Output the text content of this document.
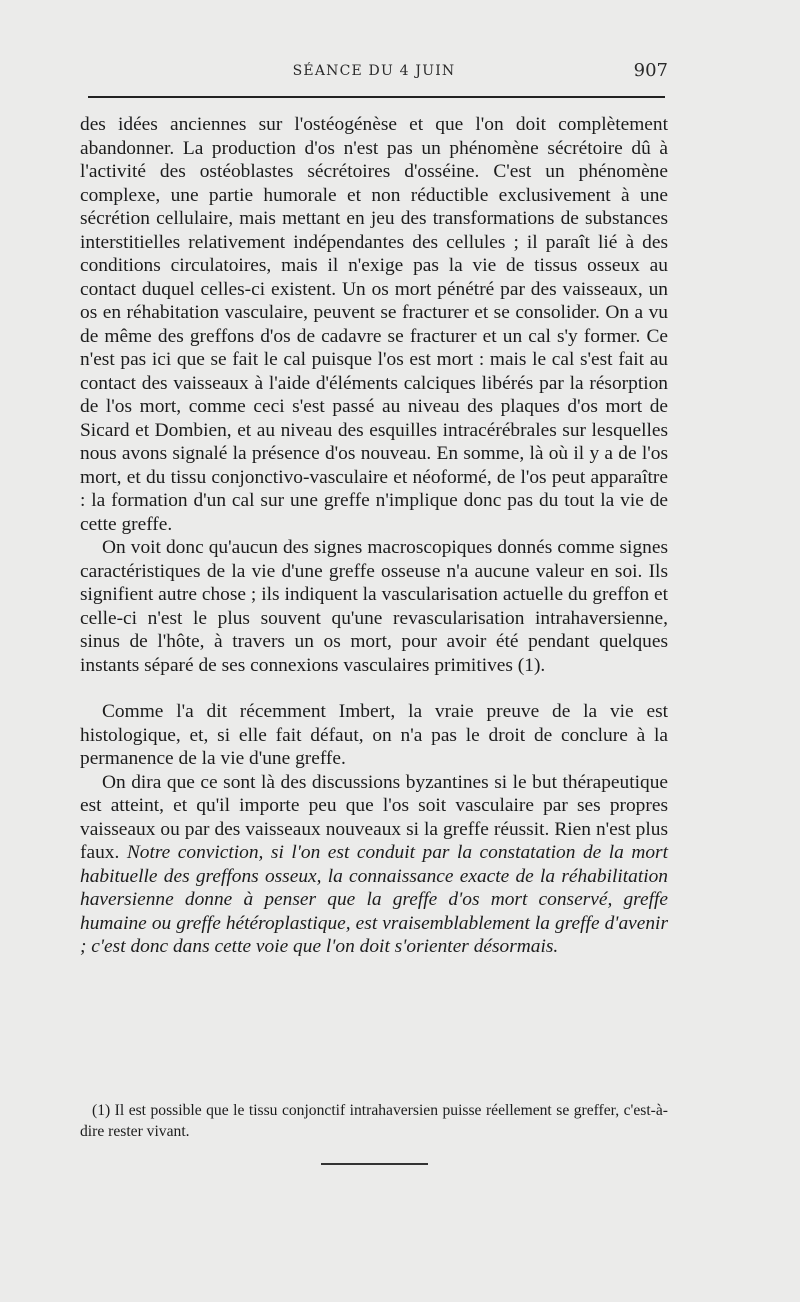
SÉANCE DU 4 JUIN	907

des idées anciennes sur l'ostéogénèse et que l'on doit complètement abandonner. La production d'os n'est pas un phénomène sécrétoire dû à l'activité des ostéoblastes sécrétoires d'osséine. C'est un phénomène complexe, une partie humorale et non réductible exclusivement à une sécrétion cellulaire, mais mettant en jeu des transformations de substances interstitielles relativement indépendantes des cellules ; il paraît lié à des conditions circulatoires, mais il n'exige pas la vie de tissus osseux au contact duquel celles-ci existent. Un os mort pénétré par des vaisseaux, un os en réhabitation vasculaire, peuvent se fracturer et se consolider. On a vu de même des greffons d'os de cadavre se fracturer et un cal s'y former. Ce n'est pas ici que se fait le cal puisque l'os est mort : mais le cal s'est fait au contact des vaisseaux à l'aide d'éléments calciques libérés par la résorption de l'os mort, comme ceci s'est passé au niveau des plaques d'os mort de Sicard et Dombien, et au niveau des esquilles intracérébrales sur lesquelles nous avons signalé la présence d'os nouveau. En somme, là où il y a de l'os mort, et du tissu conjonctivo-vasculaire et néoformé, de l'os peut apparaître : la formation d'un cal sur une greffe n'implique donc pas du tout la vie de cette greffe.

On voit donc qu'aucun des signes macroscopiques donnés comme signes caractéristiques de la vie d'une greffe osseuse n'a aucune valeur en soi. Ils signifient autre chose ; ils indiquent la vascularisation actuelle du greffon et celle-ci n'est le plus souvent qu'une revascularisation intrahaversienne, sinus de l'hôte, à travers un os mort, pour avoir été pendant quelques instants séparé de ses connexions vasculaires primitives (1).

Comme l'a dit récemment Imbert, la vraie preuve de la vie est histologique, et, si elle fait défaut, on n'a pas le droit de conclure à la permanence de la vie d'une greffe.

On dira que ce sont là des discussions byzantines si le but thérapeutique est atteint, et qu'il importe peu que l'os soit vasculaire par ses propres vaisseaux ou par des vaisseaux nouveaux si la greffe réussit. Rien n'est plus faux. Notre conviction, si l'on est conduit par la constatation de la mort habituelle des greffons osseux, la connaissance exacte de la réhabilitation haversienne donne à penser que la greffe d'os mort conservé, greffe humaine ou greffe hétéroplastique, est vraisemblablement la greffe d'avenir ; c'est donc dans cette voie que l'on doit s'orienter désormais.

(1) Il est possible que le tissu conjonctif intrahaversien puisse réellement se greffer, c'est-à-dire rester vivant.
